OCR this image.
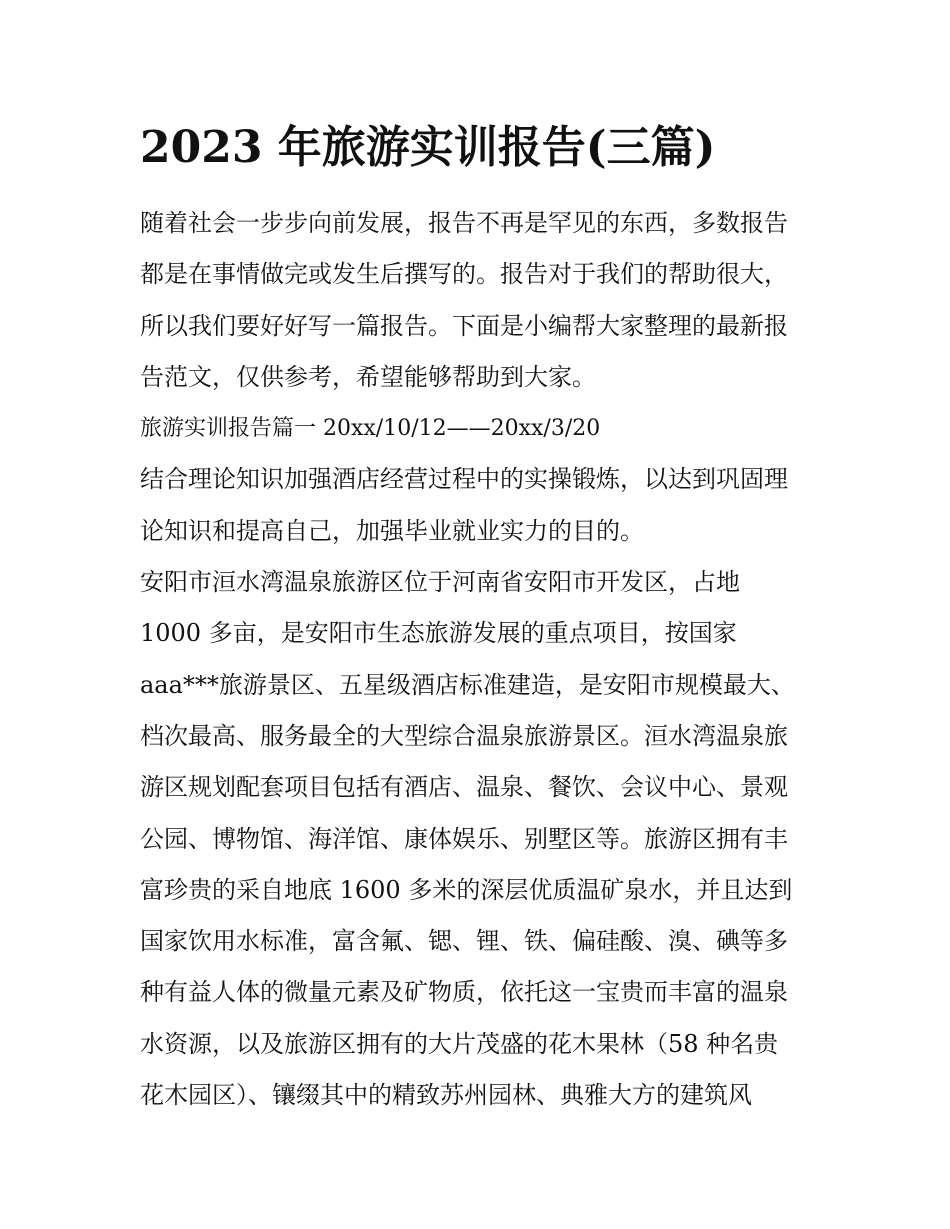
2023 年旅游实训报告(三篇)
随着社会一步步向前发展，报告不再是罕见的东西，多数报告
都是在事情做完或发生后撰写的。报告对于我们的帮助很大，
所以我们要好好写一篇报告。下面是小编帮大家整理的最新报
告范文，仅供参考，希望能够帮助到大家。
旅游实训报告篇一 20xx/10/12——20xx/3/20
结合理论知识加强酒店经营过程中的实操锻炼，以达到巩固理
论知识和提高自己，加强毕业就业实力的目的。
安阳市洹水湾温泉旅游区位于河南省安阳市开发区，占地
1000 多亩，是安阳市生态旅游发展的重点项目，按国家
aaa***旅游景区、五星级酒店标准建造，是安阳市规模最大、
档次最高、服务最全的大型综合温泉旅游景区。洹水湾温泉旅
游区规划配套项目包括有酒店、温泉、餐饮、会议中心、景观
公园、博物馆、海洋馆、康体娱乐、别墅区等。旅游区拥有丰
富珍贵的采自地底 1600 多米的深层优质温矿泉水，并且达到
国家饮用水标准，富含氟、锶、锂、铁、偏硅酸、溴、碘等多
种有益人体的微量元素及矿物质，依托这一宝贵而丰富的温泉
水资源，以及旅游区拥有的大片茂盛的花木果林（58 种名贵
花木园区）、镶缀其中的精致苏州园林、典雅大方的建筑风
